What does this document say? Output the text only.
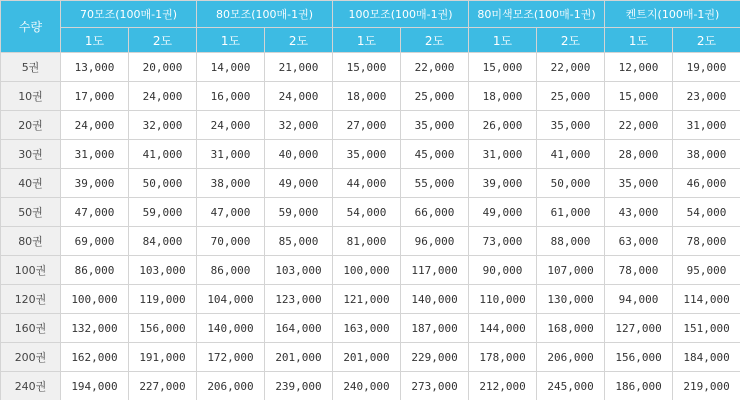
수량	70모조(100매-1권)		80모조(100매-1권)		100모조(100매-1권)		80미색모조(100매-1권)		켄트지(100매-1권)	
	1도	2도	1도	2도	1도	2도	1도	2도	1도	2도
5권	13,000	20,000	14,000	21,000	15,000	22,000	15,000	22,000	12,000	19,000
10권	17,000	24,000	16,000	24,000	18,000	25,000	18,000	25,000	15,000	23,000
20권	24,000	32,000	24,000	32,000	27,000	35,000	26,000	35,000	22,000	31,000
30권	31,000	41,000	31,000	40,000	35,000	45,000	31,000	41,000	28,000	38,000
40권	39,000	50,000	38,000	49,000	44,000	55,000	39,000	50,000	35,000	46,000
50권	47,000	59,000	47,000	59,000	54,000	66,000	49,000	61,000	43,000	54,000
80권	69,000	84,000	70,000	85,000	81,000	96,000	73,000	88,000	63,000	78,000
100권	86,000	103,000	86,000	103,000	100,000	117,000	90,000	107,000	78,000	95,000
120권	100,000	119,000	104,000	123,000	121,000	140,000	110,000	130,000	94,000	114,000
160권	132,000	156,000	140,000	164,000	163,000	187,000	144,000	168,000	127,000	151,000
200권	162,000	191,000	172,000	201,000	201,000	229,000	178,000	206,000	156,000	184,000
240권	194,000	227,000	206,000	239,000	240,000	273,000	212,000	245,000	186,000	219,000
